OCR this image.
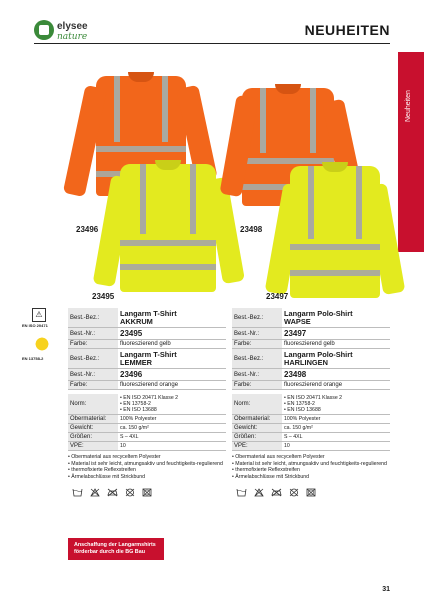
elysee
nature	NEUHEITEN
Neuheiten
23496
23495
23498
23497
⚠
EN ISO 20471
EN 13758-2
Best.-Bez.:	Langarm T-Shirt
AKKRUM
Best.-Nr.:	23495
Farbe:	fluoreszierend gelb
Best.-Bez.:	Langarm T-Shirt
LEMMER
Best.-Nr.:	23496
Farbe:	fluoreszierend orange

Norm:	• EN ISO 20471 Klasse 2
• EN 13758-2
• EN ISO 13688

Obermaterial:	100% Polyester
Gewicht:	ca. 150 g/m²
Größen:	S – 4XL
VPE:	10
Best.-Bez.:	Langarm Polo-Shirt
WAPSE
Best.-Nr.:	23497
Farbe:	fluoreszierend gelb
Best.-Bez.:	Langarm Polo-Shirt
HARLINGEN
Best.-Nr.:	23498
Farbe:	fluoreszierend orange

Norm:	• EN ISO 20471 Klasse 2
• EN 13758-2
• EN ISO 13688

Obermaterial:	100% Polyester
Gewicht:	ca. 150 g/m²
Größen:	S – 4XL
VPE:	10
• Obermaterial aus recyceltem Polyester
• Material ist sehr leicht, atmungsaktiv und feuchtigkeits-regulierend
• thermofixierte Reflexstreifen
• Ärmelabschlüsse mit Strickbund
• Obermaterial aus recyceltem Polyester
• Material ist sehr leicht, atmungsaktiv und feuchtigkeits-regulierend
• thermofixierte Reflexstreifen
• Ärmelabschlüsse mit Strickbund
Anschaffung der Langarmshirts
förderbar durch die BG Bau
31
